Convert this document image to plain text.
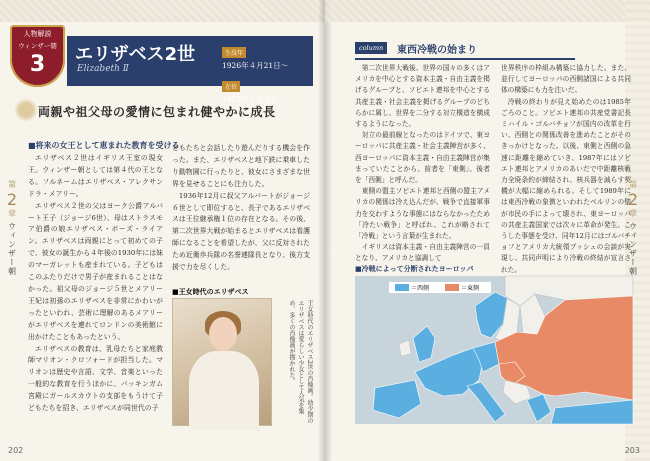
人物解説
ウィンザー朝
3	エリザベス2世
Elizabeth Ⅱ
生没年
1926年４月21日～
在位
1952年２月６日～
両親や祖父母の愛情に包まれ健やかに成長
第
2
章
ウィンザー朝
■将来の女王として恵まれた教育を受ける

エリザベス２世はイギリス王室の現女王。ウィンザー朝としては第４代の王となる。フルネームはエリザベス・アレクサンドラ・メアリー。

エリザベス２世の父はヨーク公爵アルバート王子（ジョージ6世）、母はストラスモア伯爵の娘エリザベス・ボーズ・ライアン。エリザベスは両親にとって初めての子で、彼女の誕生から４年後の1930年には妹のマーガレットも産まれている。子どもはこのふたりだけで男子が産まれることはなかった。祖父母のジョージ５世とメアリー王妃は初孫のエリザベスを非常にかわいがったといわれ、芸術に理解のあるメアリーがエリザベスを連れてロンドンの美術館に出かけたこともあったという。

エリザベスの教育は、乳母たちと家庭教師マリオン・クロフォードが担当した。マリオンは歴史や言語、文学、音楽といった一般的な教育を行うほかに、バッキンガム宮殿にガールスカウトの支部をもうけて子どもたちを招き、エリザベスが同世代の子

どもたちと会話したり遊んだりする機会を作った。また、エリザベスと地下鉄に乗車したり動物園に行ったりと、彼女にさまざまな世界を見せることにも注力した。

1936年12月に叔父アルバートがジョージ６世として即位すると、長子であるエリザベスは王位継承権１位の存在となる。その後、第二次世界大戦が始まるとエリザベスは看護師になることを希望したが、父に反対されたため近衛歩兵隊の名誉連隊長となり、後方支援で力を尽くした。

■王女時代のエリザベス
王女時代のエリザベス2世の肖像画。幼少期のエリザベスは愛らしい少女として人気を集め、多くの肖像画が描かれた。
202
column	東西冷戦の始まり

第二次世界大戦後、世界の国々の多くはアメリカを中心とする資本主義・自由主義を掲げるグループと、ソビエト連邦を中心とする共産主義・社会主義を掲げるグループのどちらかに属し、世界を二分する対立構造を構成するようになった。

対立の最前線となったのはドイツで、東ヨーロッパに共産主義・社会主義陣営が多く、西ヨーロッパに資本主義・自由主義陣営が集まっていたことから、前者を「東側」、後者を「西側」と呼んだ。

東側の盟主ソビエト連邦と西側の盟主アメリカの関係は冷え込んだが、戦争で直接軍事力を交わすような事態にはならなかったため「冷たい戦争」と呼ばれ、これが略されて「冷戦」という言葉が生まれた。

イギリスは資本主義・自由主義陣営の一員となり、アメリカと協調して

世界秩序の枠組み構築に協力した。また、並行してヨーロッパの西側諸国による共同体の構築にも力を注いだ。

冷戦の終わりが見え始めたのは1985年ごろのこと。ソビエト連邦の共産党書記長ミハイル・ゴルバチョフが国内の改革を行い、西側との関係改善を進めたことがそのきっかけとなった。以後、東側と西側の急速に距離を縮めていき、1987年にはソビエト連邦とアメリカのあいだで中距離核戦力全廃条約が締結され、核兵器を減らす契機が大幅に縮められる。そして1989年には東西冷戦の象徴といわれたベルリンの壁が市民の手によって壊され、東ヨーロッパの共産主義国家では次々に革命が発生。こうした事態を受け、同年12月にはゴルバチョフとアメリカ大統領ブッシュの会談が実現し、共同声明により冷戦の終結が宣言された。

■冷戦によって分断されたヨーロッパ
＝西側	＝東側
第
2
章
ウィンザー朝
203
